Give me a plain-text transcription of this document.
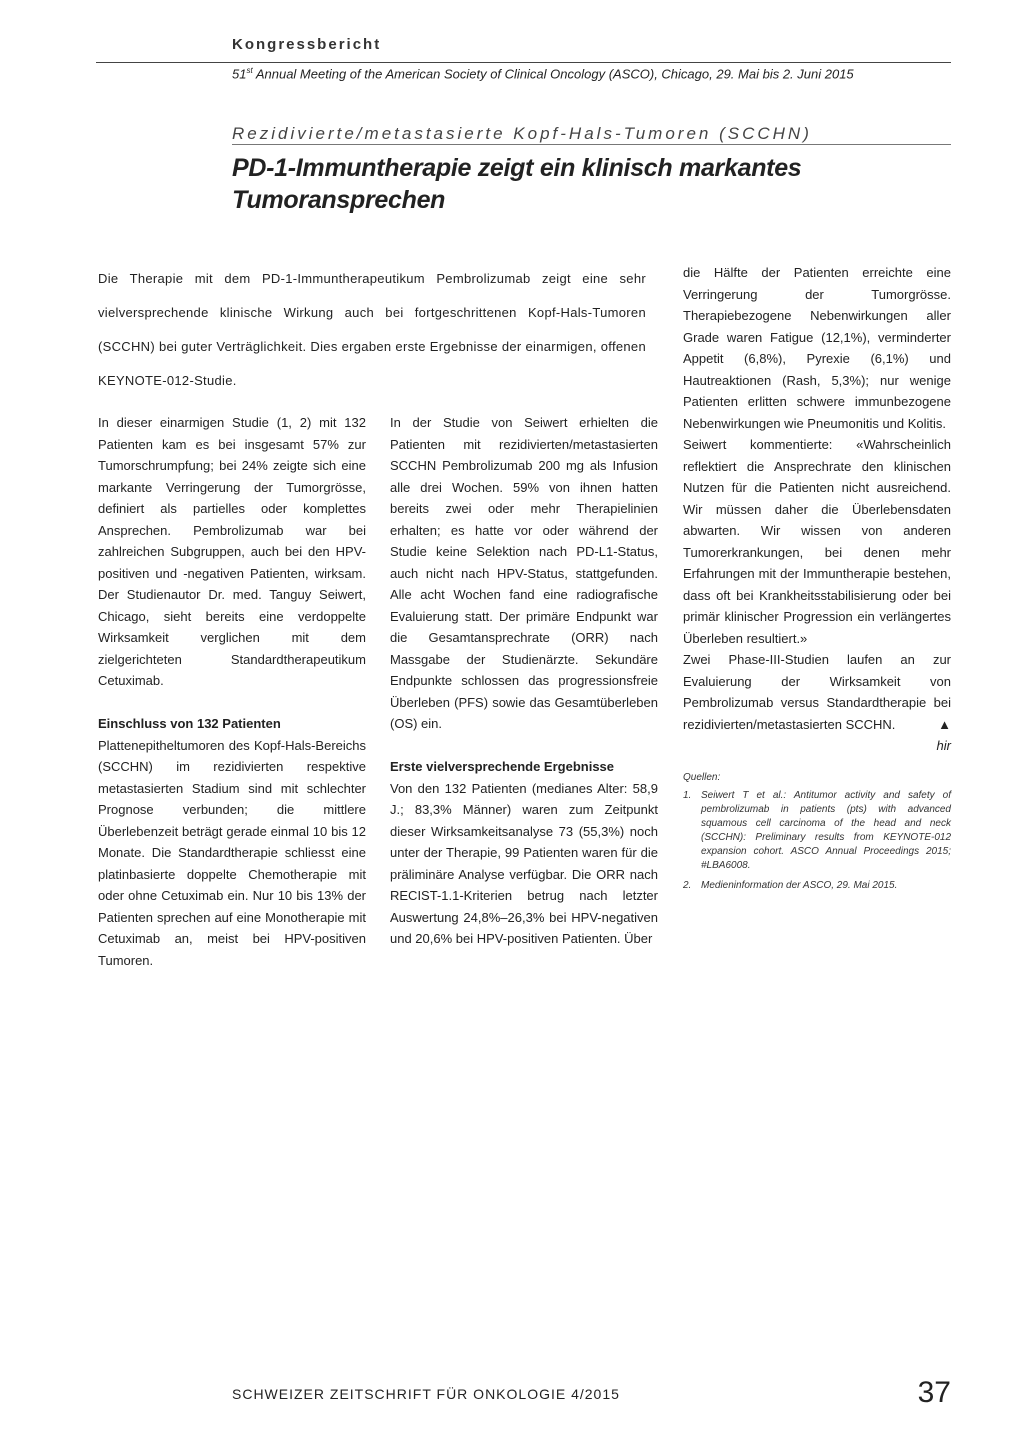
Kongressbericht
51st Annual Meeting of the American Society of Clinical Oncology (ASCO), Chicago, 29. Mai bis 2. Juni 2015
Rezidivierte/metastasierte Kopf-Hals-Tumoren (SCCHN)
PD-1-Immuntherapie zeigt ein klinisch markantes Tumoransprechen
Die Therapie mit dem PD-1-Immuntherapeutikum Pembrolizumab zeigt eine sehr vielversprechende klinische Wirkung auch bei fortgeschrittenen Kopf-Hals-Tumoren (SCCHN) bei guter Verträglichkeit. Dies ergaben erste Ergebnisse der einarmigen, offenen KEYNOTE-012-Studie.

In dieser einarmigen Studie (1, 2) mit 132 Patienten kam es bei insgesamt 57% zur Tumorschrumpfung; bei 24% zeigte sich eine markante Verringerung der Tumorgrösse, definiert als partielles oder komplettes Ansprechen. Pembrolizumab war bei zahlreichen Subgruppen, auch bei den HPV-positiven und -negativen Patienten, wirksam. Der Studienautor Dr. med. Tanguy Seiwert, Chicago, sieht bereits eine verdoppelte Wirksamkeit verglichen mit dem zielgerichteten Standardtherapeutikum Cetuximab.

Einschluss von 132 Patienten

Plattenepitheltumoren des Kopf-Hals-Bereichs (SCCHN) im rezidivierten respektive metastasierten Stadium sind mit schlechter Prognose verbunden; die mittlere Überlebenzeit beträgt gerade einmal 10 bis 12 Monate. Die Standardtherapie schliesst eine platinbasierte doppelte Chemotherapie mit oder ohne Cetuximab ein. Nur 10 bis 13% der Patienten sprechen auf eine Monotherapie mit Cetuximab an, meist bei HPV-positiven Tumoren.

In der Studie von Seiwert erhielten die Patienten mit rezidivierten/metastasierten SCCHN Pembrolizumab 200 mg als Infusion alle drei Wochen. 59% von ihnen hatten bereits zwei oder mehr Therapielinien erhalten; es hatte vor oder während der Studie keine Selektion nach PD-L1-Status, auch nicht nach HPV-Status, stattgefunden. Alle acht Wochen fand eine radiografische Evaluierung statt. Der primäre Endpunkt war die Gesamtansprechrate (ORR) nach Massgabe der Studienärzte. Sekundäre Endpunkte schlossen das progressionsfreie Überleben (PFS) sowie das Gesamtüberleben (OS) ein.

Erste vielversprechende Ergebnisse

Von den 132 Patienten (medianes Alter: 58,9 J.; 83,3% Männer) waren zum Zeitpunkt dieser Wirksamkeitsanalyse 73 (55,3%) noch unter der Therapie, 99 Patienten waren für die präliminäre Analyse verfügbar. Die ORR nach RECIST-1.1-Kriterien betrug nach letzter Auswertung 24,8%–26,3% bei HPV-negativen und 20,6% bei HPV-positiven Patienten. Über

die Hälfte der Patienten erreichte eine Verringerung der Tumorgrösse. Therapiebezogene Nebenwirkungen aller Grade waren Fatigue (12,1%), verminderter Appetit (6,8%), Pyrexie (6,1%) und Hautreaktionen (Rash, 5,3%); nur wenige Patienten erlitten schwere immunbezogene Nebenwirkungen wie Pneumonitis und Kolitis.

Seiwert kommentierte: «Wahrscheinlich reflektiert die Ansprechrate den klinischen Nutzen für die Patienten nicht ausreichend. Wir müssen daher die Überlebensdaten abwarten. Wir wissen von anderen Tumorerkrankungen, bei denen mehr Erfahrungen mit der Immuntherapie bestehen, dass oft bei Krankheitsstabilisierung oder bei primär klinischer Progression ein verlängertes Überleben resultiert.»

Zwei Phase-III-Studien laufen an zur Evaluierung der Wirksamkeit von Pembrolizumab versus Standardtherapie bei rezidivierten/metastasierten SCCHN.	▲

hir

Quellen:
1. Seiwert T et al.: Antitumor activity and safety of pembrolizumab in patients (pts) with advanced squamous cell carcinoma of the head and neck (SCCHN): Preliminary results from KEYNOTE-012 expansion cohort. ASCO Annual Proceedings 2015; #LBA6008.
2. Medieninformation der ASCO, 29. Mai 2015.
SCHWEIZER ZEITSCHRIFT FÜR ONKOLOGIE 4/2015	37
